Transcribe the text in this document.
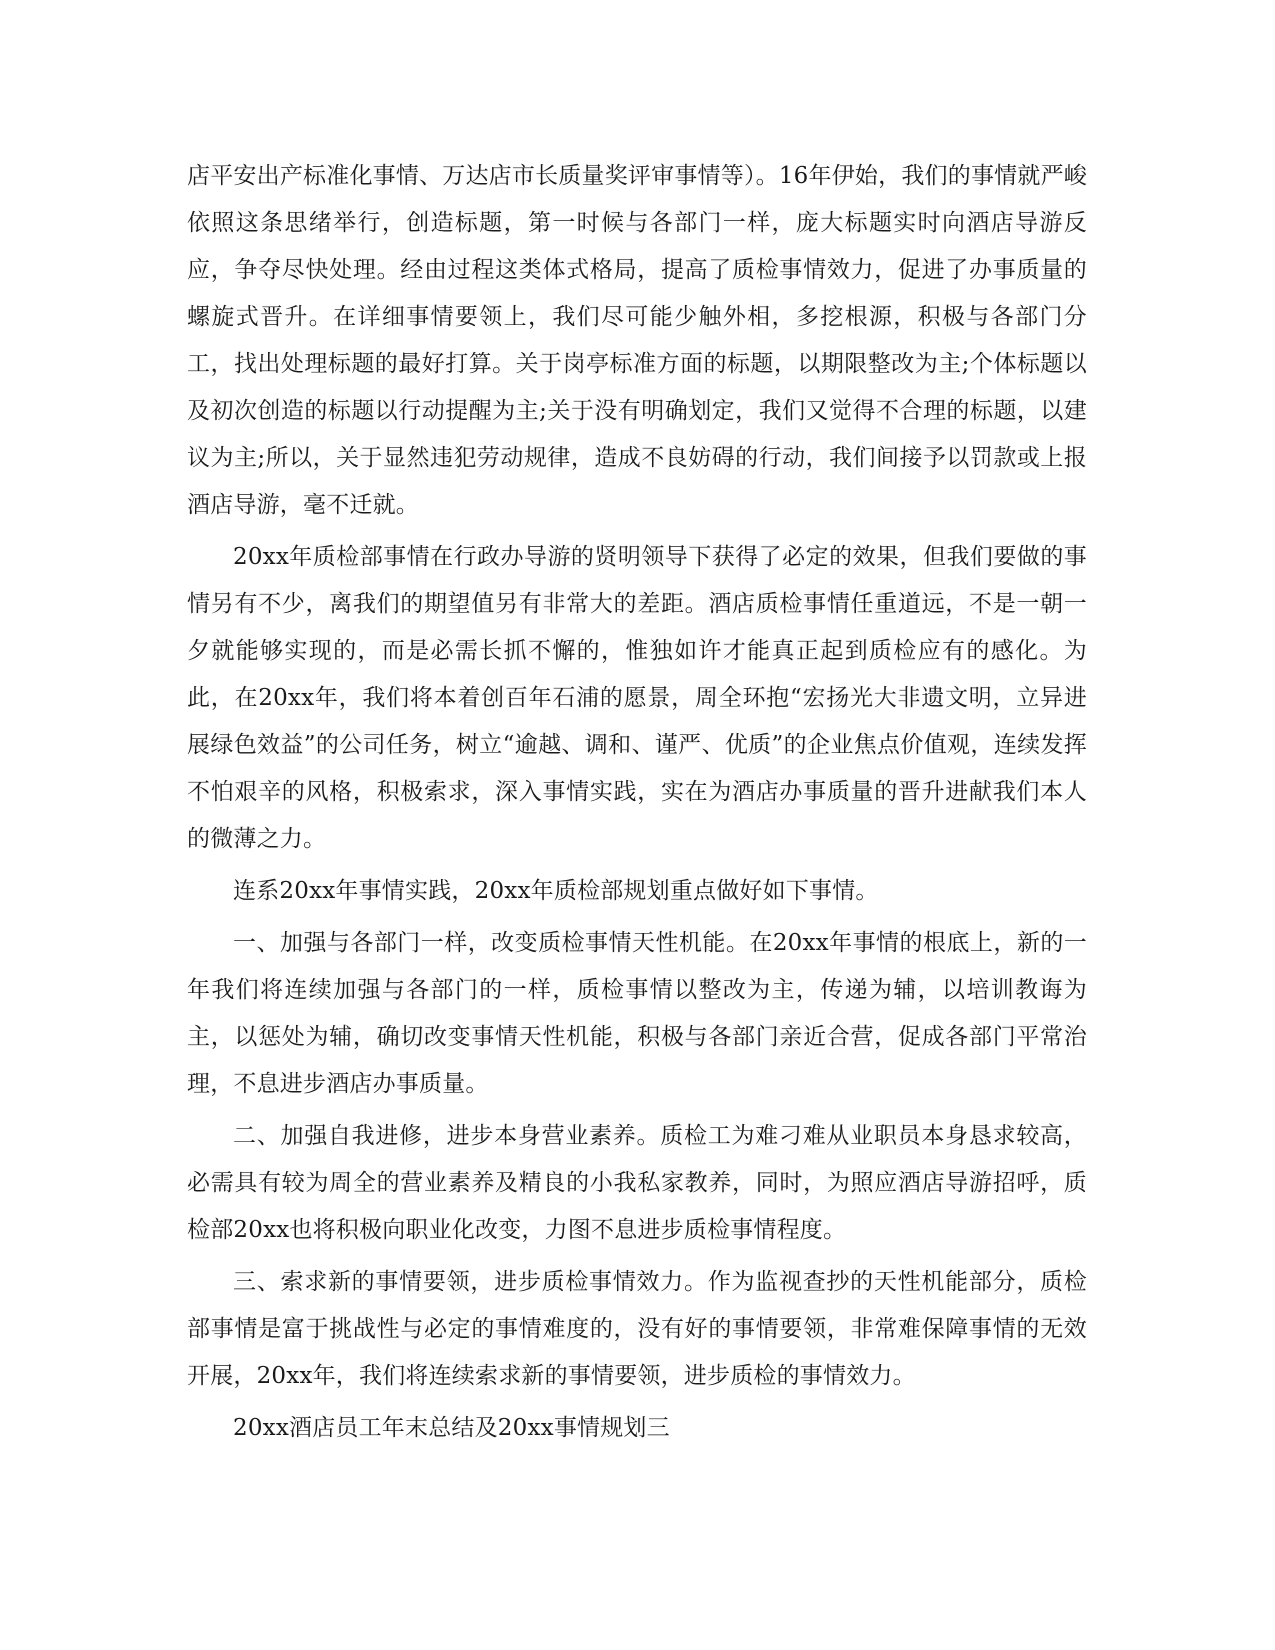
店平安出产标准化事情、万达店市长质量奖评审事情等）。16年伊始，我们的事情就严峻依照这条思绪举行，创造标题，第一时候与各部门一样，庞大标题实时向酒店导游反应，争夺尽快处理。经由过程这类体式格局，提高了质检事情效力，促进了办事质量的螺旋式晋升。在详细事情要领上，我们尽可能少触外相，多挖根源，积极与各部门分工，找出处理标题的最好打算。关于岗亭标准方面的标题，以期限整改为主;个体标题以及初次创造的标题以行动提醒为主;关于没有明确划定，我们又觉得不合理的标题，以建议为主;所以，关于显然违犯劳动规律，造成不良妨碍的行动，我们间接予以罚款或上报酒店导游，毫不迁就。

20xx年质检部事情在行政办导游的贤明领导下获得了必定的效果，但我们要做的事情另有不少，离我们的期望值另有非常大的差距。酒店质检事情任重道远，不是一朝一夕就能够实现的，而是必需长抓不懈的，惟独如许才能真正起到质检应有的感化。为此，在20xx年，我们将本着创百年石浦的愿景，周全环抱“宏扬光大非遗文明，立异进展绿色效益”的公司任务，树立“逾越、调和、谨严、优质”的企业焦点价值观，连续发挥不怕艰辛的风格，积极索求，深入事情实践，实在为酒店办事质量的晋升进献我们本人的微薄之力。

连系20xx年事情实践，20xx年质检部规划重点做好如下事情。

一、加强与各部门一样，改变质检事情天性机能。在20xx年事情的根底上，新的一年我们将连续加强与各部门的一样，质检事情以整改为主，传递为辅，以培训教诲为主，以惩处为辅，确切改变事情天性机能，积极与各部门亲近合营，促成各部门平常治理，不息进步酒店办事质量。

二、加强自我进修，进步本身营业素养。质检工为难刁难从业职员本身恳求较高，必需具有较为周全的营业素养及精良的小我私家教养，同时，为照应酒店导游招呼，质检部20xx也将积极向职业化改变，力图不息进步质检事情程度。

三、索求新的事情要领，进步质检事情效力。作为监视查抄的天性机能部分，质检部事情是富于挑战性与必定的事情难度的，没有好的事情要领，非常难保障事情的无效开展，20xx年，我们将连续索求新的事情要领，进步质检的事情效力。

20xx酒店员工年末总结及20xx事情规划三
